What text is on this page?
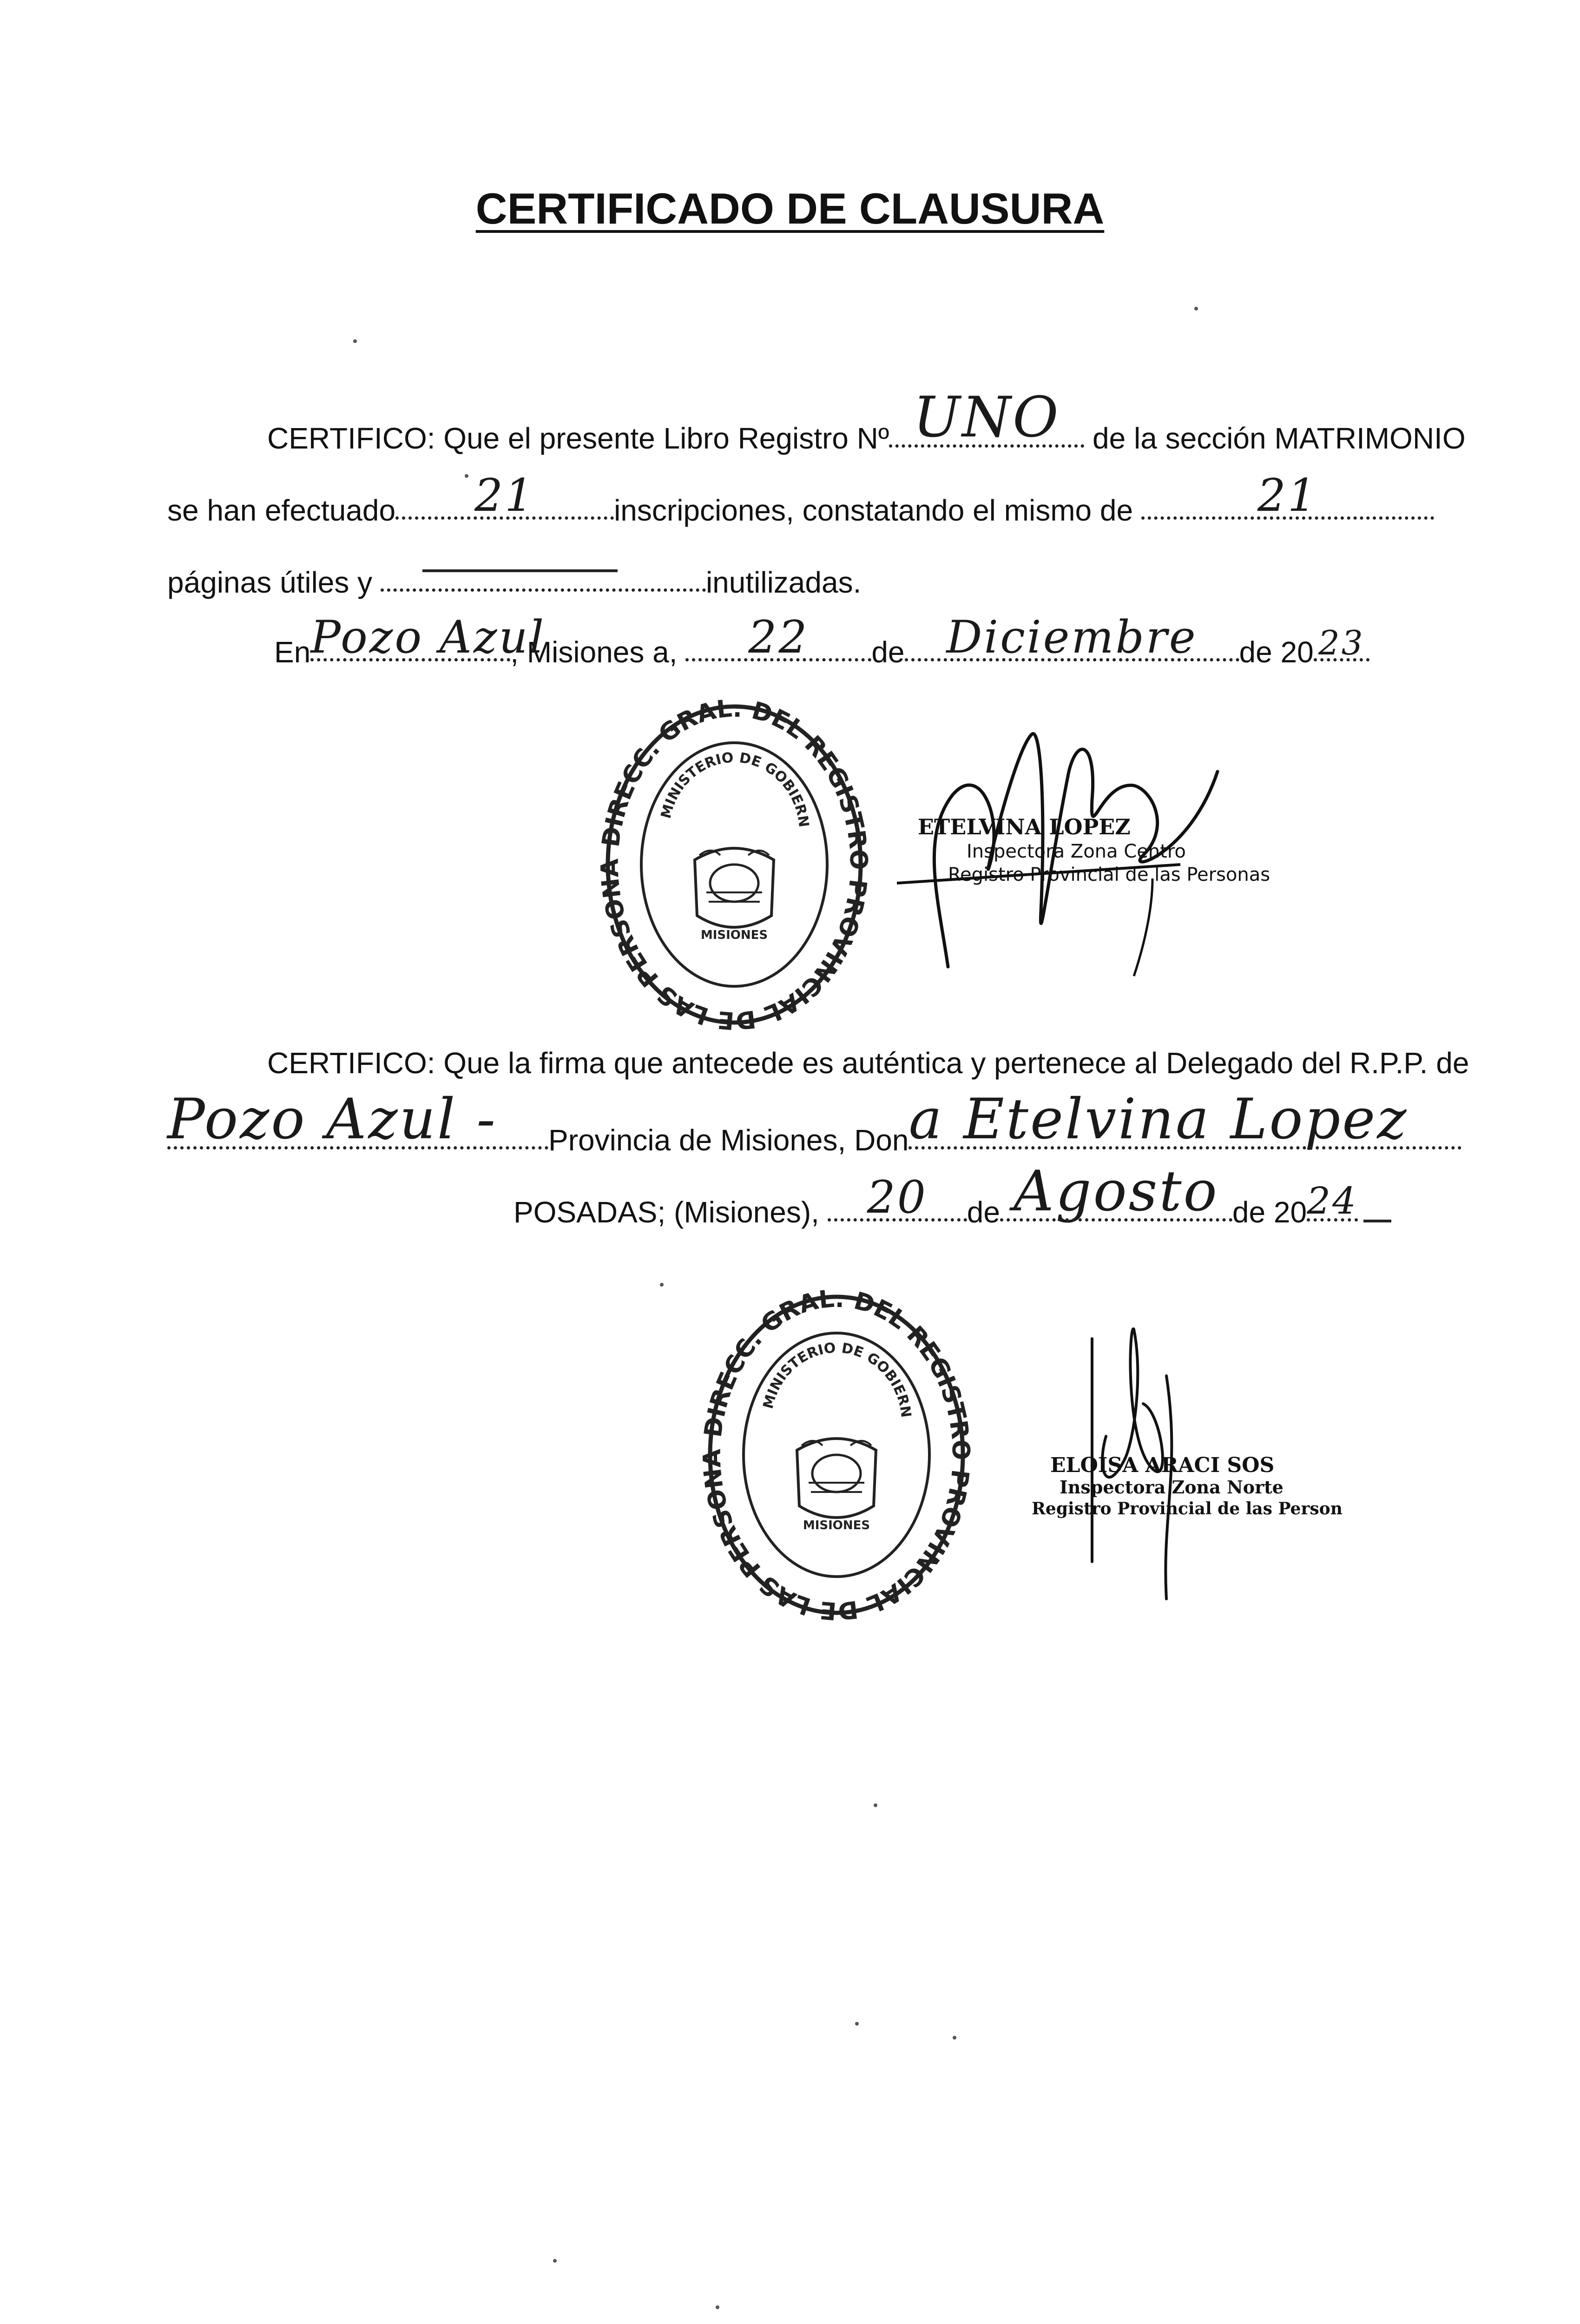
CERTIFICADO DE CLAUSURA
CERTIFICO: Que el presente Libro Registro Nº UNO	de la sección MATRIMONIO
se han efectuado	21	inscripciones, constatando el mismo de	21
páginas útiles y	inutilizadas.
En Pozo Azul
, Misiones a,	22	de Diciembre	de 20 23
DIRECC. GRAL. DEL REGISTR PROVINCIAL DE LAS PERSON
MINISTERIO DE GOBIERN
MISIONES
ETELVINA LOPEZ
Inspectora Zona Centro
Registro Provincial de las Personas
CERTIFICO: Que la firma que antecede es auténtica y pertenece al Delegado del R.P.P. de
Pozo Azul -	Provincia de Misiones, Don a Etelvina Lopez
POSADAS; (Misiones),	20	de Agosto de 20 24
DIRECC. GRAL. DEL REGISTR PROVINCIAL DE LAS PERSON
MINISTERIO DE GOBIERN
MISIONES
ELOISA ARACI SOS
Inspectora Zona Norte
Registro Provincial de las Person
